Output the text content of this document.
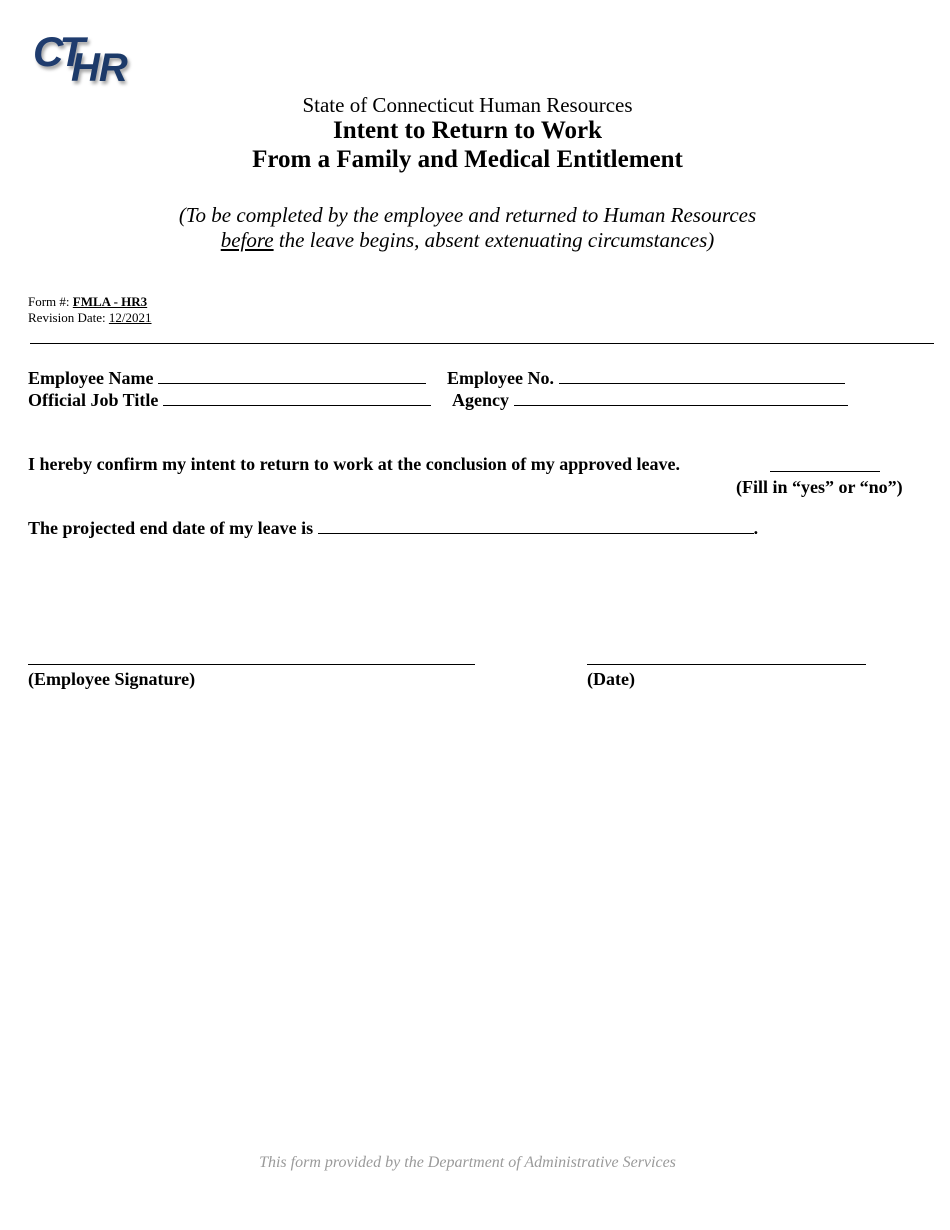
CT
HR
State of Connecticut Human Resources
Intent to Return to Work
From a Family and Medical Entitlement
(To be completed by the employee and returned to Human Resources
before the leave begins, absent extenuating circumstances)
Form #: FMLA - HR3
Revision Date: 12/2021
Employee Name	Employee No.
Official Job Title	Agency
I hereby confirm my intent to return to work at the conclusion of my approved leave.
(Fill in “yes” or “no”)
The projected end date of my leave is	.
(Employee Signature)	(Date)
This form provided by the Department of Administrative Services
